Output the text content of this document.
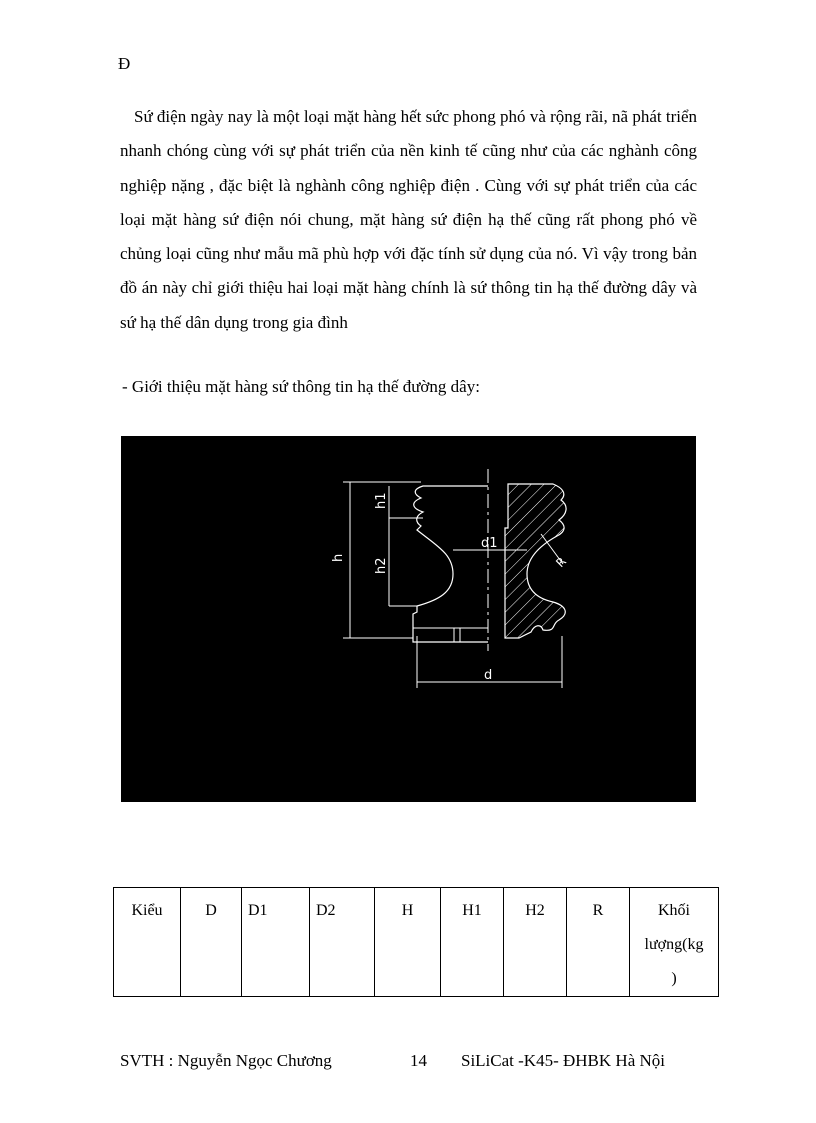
Đ
Sứ điện ngày nay là một loại mặt hàng hết sức phong phó và rộng rãi, nã phát triển nhanh chóng cùng với sự phát triển của nền kinh tế cũng như của các nghành công nghiệp nặng , đặc biệt là nghành công nghiệp điện . Cùng với sự phát triển của các loại mặt hàng sứ điện nói chung, mặt hàng sứ điện hạ thế cũng rất phong phó về chủng loại cũng như mẫu mã phù hợp với đặc tính sử dụng của nó. Vì vậy trong bản đồ án này chỉ giới thiệu hai loại mặt hàng chính là sứ thông tin hạ thế đường dây và sứ hạ thế dân dụng trong gia đình
- Giới thiệu mặt hàng sứ thông tin hạ thế đường dây:
h
h1
h2
d1
R
d
Kiểu	D	D1	D2	H	H1	H2	R	Khối
lượng(kg
)
SVTH : Nguyễn Ngọc Chương	14 SiLiCat -K45- ĐHBK Hà Nội
